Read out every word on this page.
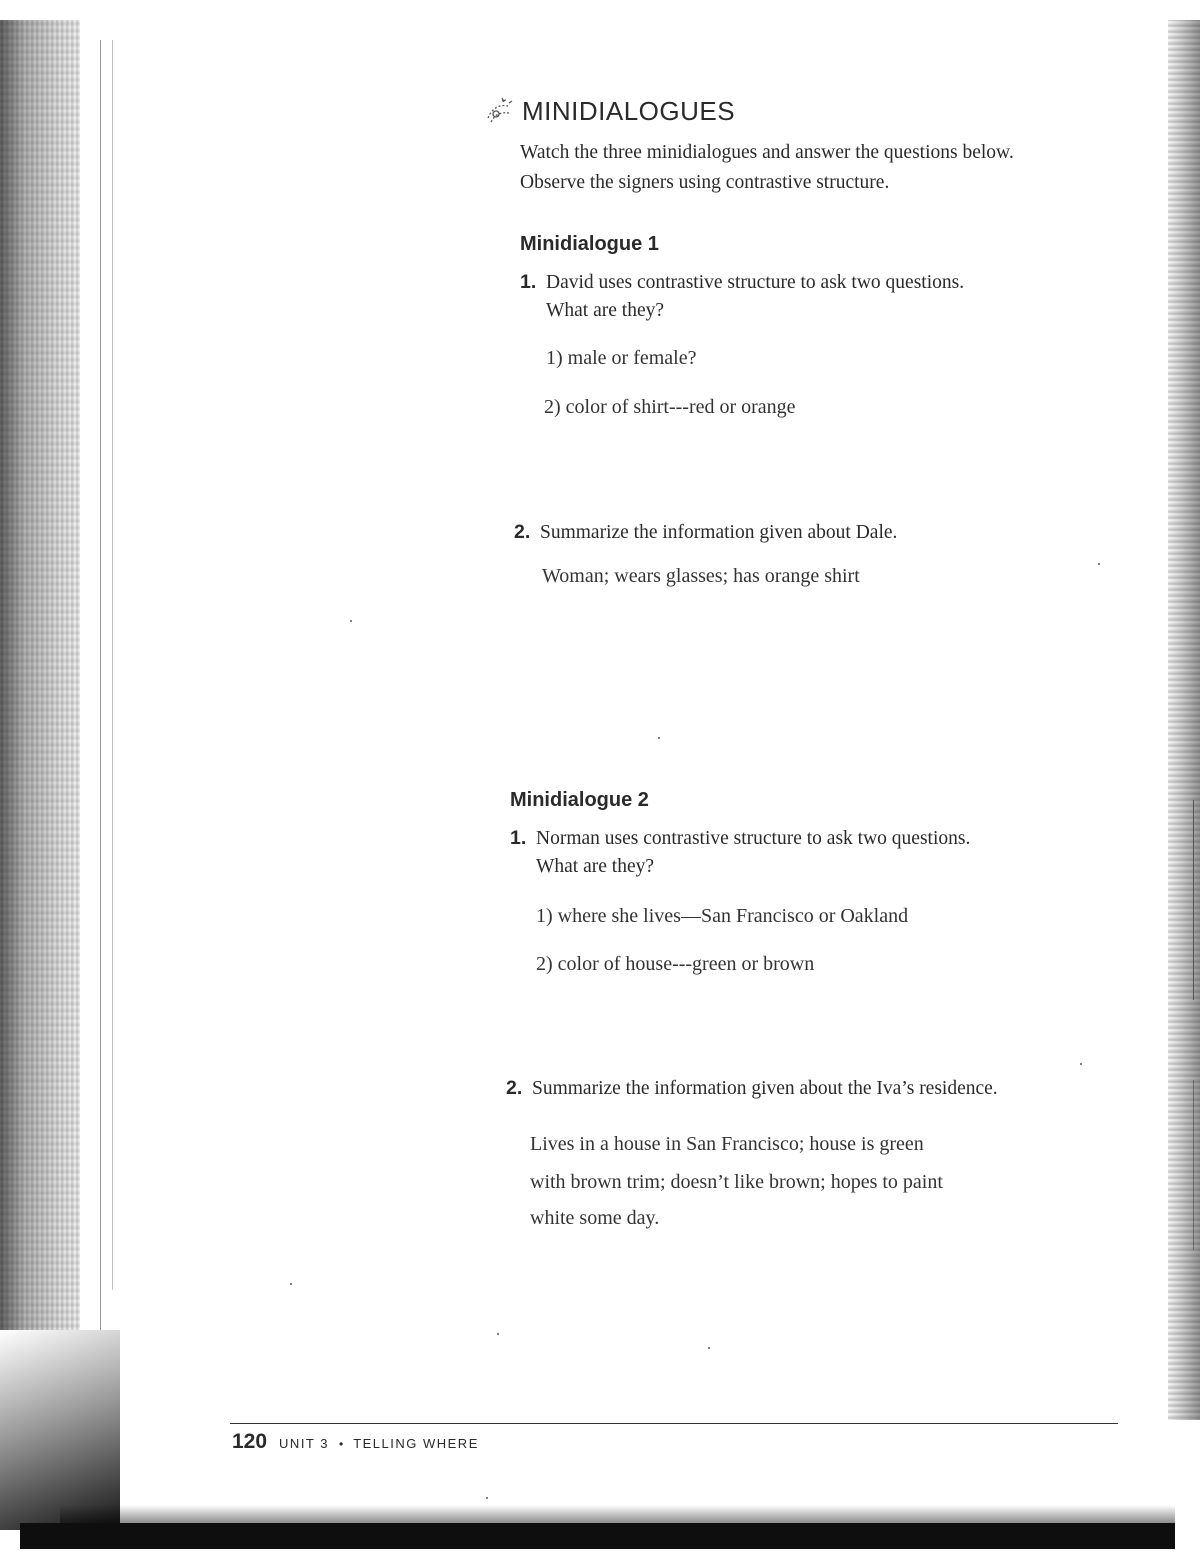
MINIDIALOGUES
Watch the three minidialogues and answer the questions below.
Observe the signers using contrastive structure.
Minidialogue 1
1. David uses contrastive structure to ask two questions.
What are they?
1) male or female?
2) color of shirt---red or orange
2. Summarize the information given about Dale.
Woman; wears glasses; has orange shirt
Minidialogue 2
1. Norman uses contrastive structure to ask two questions.
What are they?
1) where she lives—San Francisco or Oakland
2) color of house---green or brown
2. Summarize the information given about the Iva’s residence.
Lives in a house in San Francisco; house is green
with brown trim; doesn’t like brown; hopes to paint
white some day.
120 UNIT 3 • TELLING WHERE
